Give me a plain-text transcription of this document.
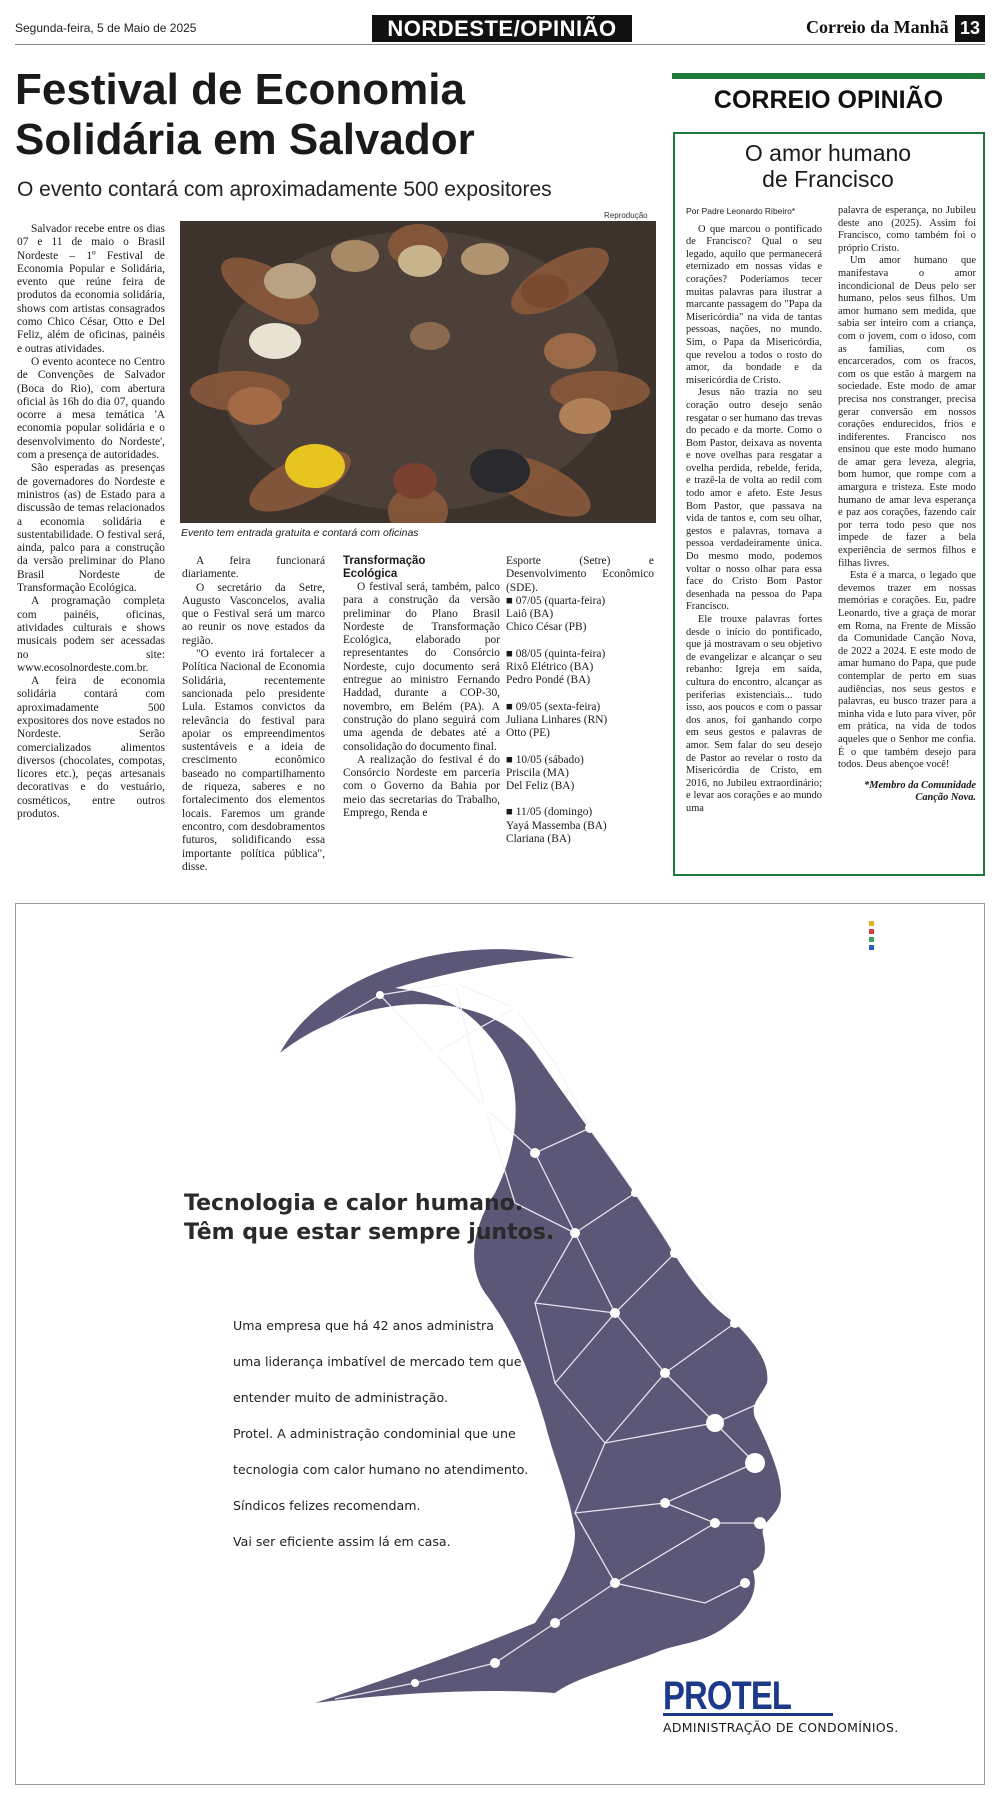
Segunda-feira, 5 de Maio de 2025	NORDESTE/OPINIÃO	Correio da Manhã 13
Festival de Economia
Solidária em Salvador
O evento contará com aproximadamente 500 expositores

Salvador recebe entre os dias 07 e 11 de maio o Brasil Nordeste – 1º Festival de Economia Popular e Solidária, evento que reúne feira de produtos da economia solidária, shows com artistas consagrados como Chico César, Otto e Del Feliz, além de oficinas, painéis e outras atividades.

O evento acontece no Centro de Convenções de Salvador (Boca do Rio), com abertura oficial às 16h do dia 07, quando ocorre a mesa temática 'A economia popular solidária e o desenvolvimento do Nordeste', com a presença de autoridades.

São esperadas as presenças de governadores do Nordeste e ministros (as) de Estado para a discussão de temas relacionados a economia solidária e sustentabilidade. O festival será, ainda, palco para a construção da versão preliminar do Plano Brasil Nordeste de Transformação Ecológica.

A programação completa com painéis, oficinas, atividades culturais e shows musicais podem ser acessadas no site: www.ecosolnordeste.com.br.

A feira de economia solidária contará com aproximadamente 500 expositores dos nove estados no Nordeste. Serão comercializados alimentos diversos (chocolates, compotas, licores etc.), peças artesanais decorativas e do vestuário, cosméticos, entre outros produtos.

Reprodução
Evento tem entrada gratuita e contará com oficinas

A feira funcionará diariamente.

O secretário da Setre, Augusto Vasconcelos, avalia que o Festival será um marco ao reunir os nove estados da região.

"O evento irá fortalecer a Política Nacional de Economia Solidária, recentemente sancionada pelo presidente Lula. Estamos convictos da relevância do festival para apoiar os empreendimentos sustentáveis e a ideia de crescimento econômico baseado no compartilhamento de riqueza, saberes e no fortalecimento dos elementos locais. Faremos um grande encontro, com desdobramentos futuros, solidificando essa importante política pública", disse.

Transformação

Ecológica

O festival será, também, palco para a construção da versão preliminar do Plano Brasil Nordeste de Transformação Ecológica, elaborado por representantes do Consórcio Nordeste, cujo documento será entregue ao ministro Fernando Haddad, durante a COP-30, novembro, em Belém (PA). A construção do plano seguirá com uma agenda de debates até a consolidação do documento final.

A realização do festival é do Consórcio Nordeste em parceria com o Governo da Bahia por meio das secretarias do Trabalho, Emprego, Renda e

Esporte (Setre) e Desenvolvimento Econômico (SDE).

■ 07/05 (quarta-feira)

Laiô (BA)

Chico César (PB)

■ 08/05 (quinta-feira)

Rixô Elétrico (BA)

Pedro Pondé (BA)

■ 09/05 (sexta-feira)

Juliana Linhares (RN)

Otto (PE)

■ 10/05 (sábado)

Priscila (MA)

Del Feliz (BA)

■ 11/05 (domingo)

Yayá Massemba (BA)

Clariana (BA)

CORREIO OPINIÃO
O amor humano
de Francisco

Por Padre Leonardo Ribeiro*

O que marcou o pontificado de Francisco? Qual o seu legado, aquilo que permanecerá eternizado em nossas vidas e corações? Poderíamos tecer muitas palavras para ilustrar a marcante passagem do "Papa da Misericórdia" na vida de tantas pessoas, nações, no mundo. Sim, o Papa da Misericórdia, que revelou a todos o rosto do amor, da bondade e da misericórdia de Cristo.

Jesus não trazia no seu coração outro desejo senão resgatar o ser humano das trevas do pecado e da morte. Como o Bom Pastor, deixava as noventa e nove ovelhas para resgatar a ovelha perdida, rebelde, ferida, e trazê-la de volta ao redil com todo amor e afeto. Este Jesus Bom Pastor, que passava na vida de tantos e, com seu olhar, gestos e palavras, tornava a pessoa verdadeiramente única. Do mesmo modo, podemos voltar o nosso olhar para essa face do Cristo Bom Pastor desenhada na pessoa do Papa Francisco.

Ele trouxe palavras fortes desde o início do pontificado, que já mostravam o seu objetivo de evangelizar e alcançar o seu rebanho: Igreja em saída, cultura do encontro, alcançar as periferias existenciais... tudo isso, aos poucos e com o passar dos anos, foi ganhando corpo em seus gestos e palavras de amor. Sem falar do seu desejo de Pastor ao revelar o rosto da Misericórdia de Cristo, em 2016, no Jubileu extraordinário; e levar aos corações e ao mundo uma

palavra de esperança, no Jubileu deste ano (2025). Assim foi Francisco, como também foi o próprio Cristo.

Um amor humano que manifestava o amor incondicional de Deus pelo ser humano, pelos seus filhos. Um amor humano sem medida, que sabia ser inteiro com a criança, com o jovem, com o idoso, com as famílias, com os encarcerados, com os fracos, com os que estão à margem na sociedade. Este modo de amar precisa nos constranger, precisa gerar conversão em nossos corações endurecidos, frios e indiferentes. Francisco nos ensinou que este modo humano de amar gera leveza, alegria, bom humor, que rompe com a amargura e tristeza. Este modo humano de amar leva esperança e paz aos corações, fazendo cair por terra todo peso que nos impede de fazer a bela experiência de sermos filhos e filhas livres.

Esta é a marca, o legado que devemos trazer em nossas memórias e corações. Eu, padre Leonardo, tive a graça de morar em Roma, na Frente de Missão da Comunidade Canção Nova, de 2022 a 2024. E este modo de amar humano do Papa, que pude contemplar de perto em suas audiências, nos seus gestos e palavras, eu busco trazer para a minha vida e luto para viver, pôr em prática, na vida de todos aqueles que o Senhor me confia. É o que também desejo para todos. Deus abençoe você!

*Membro da Comunidade

Canção Nova.

Tecnologia e calor humano.
Têm que estar sempre juntos.
Uma empresa que há 42 anos administra
uma liderança imbatível de mercado tem que
entender muito de administração.
Protel. A administração condominial que une
tecnologia com calor humano no atendimento.
Síndicos felizes recomendam.
Vai ser eficiente assim lá em casa.
PROTEL
ADMINISTRAÇÃO DE CONDOMÍNIOS.
